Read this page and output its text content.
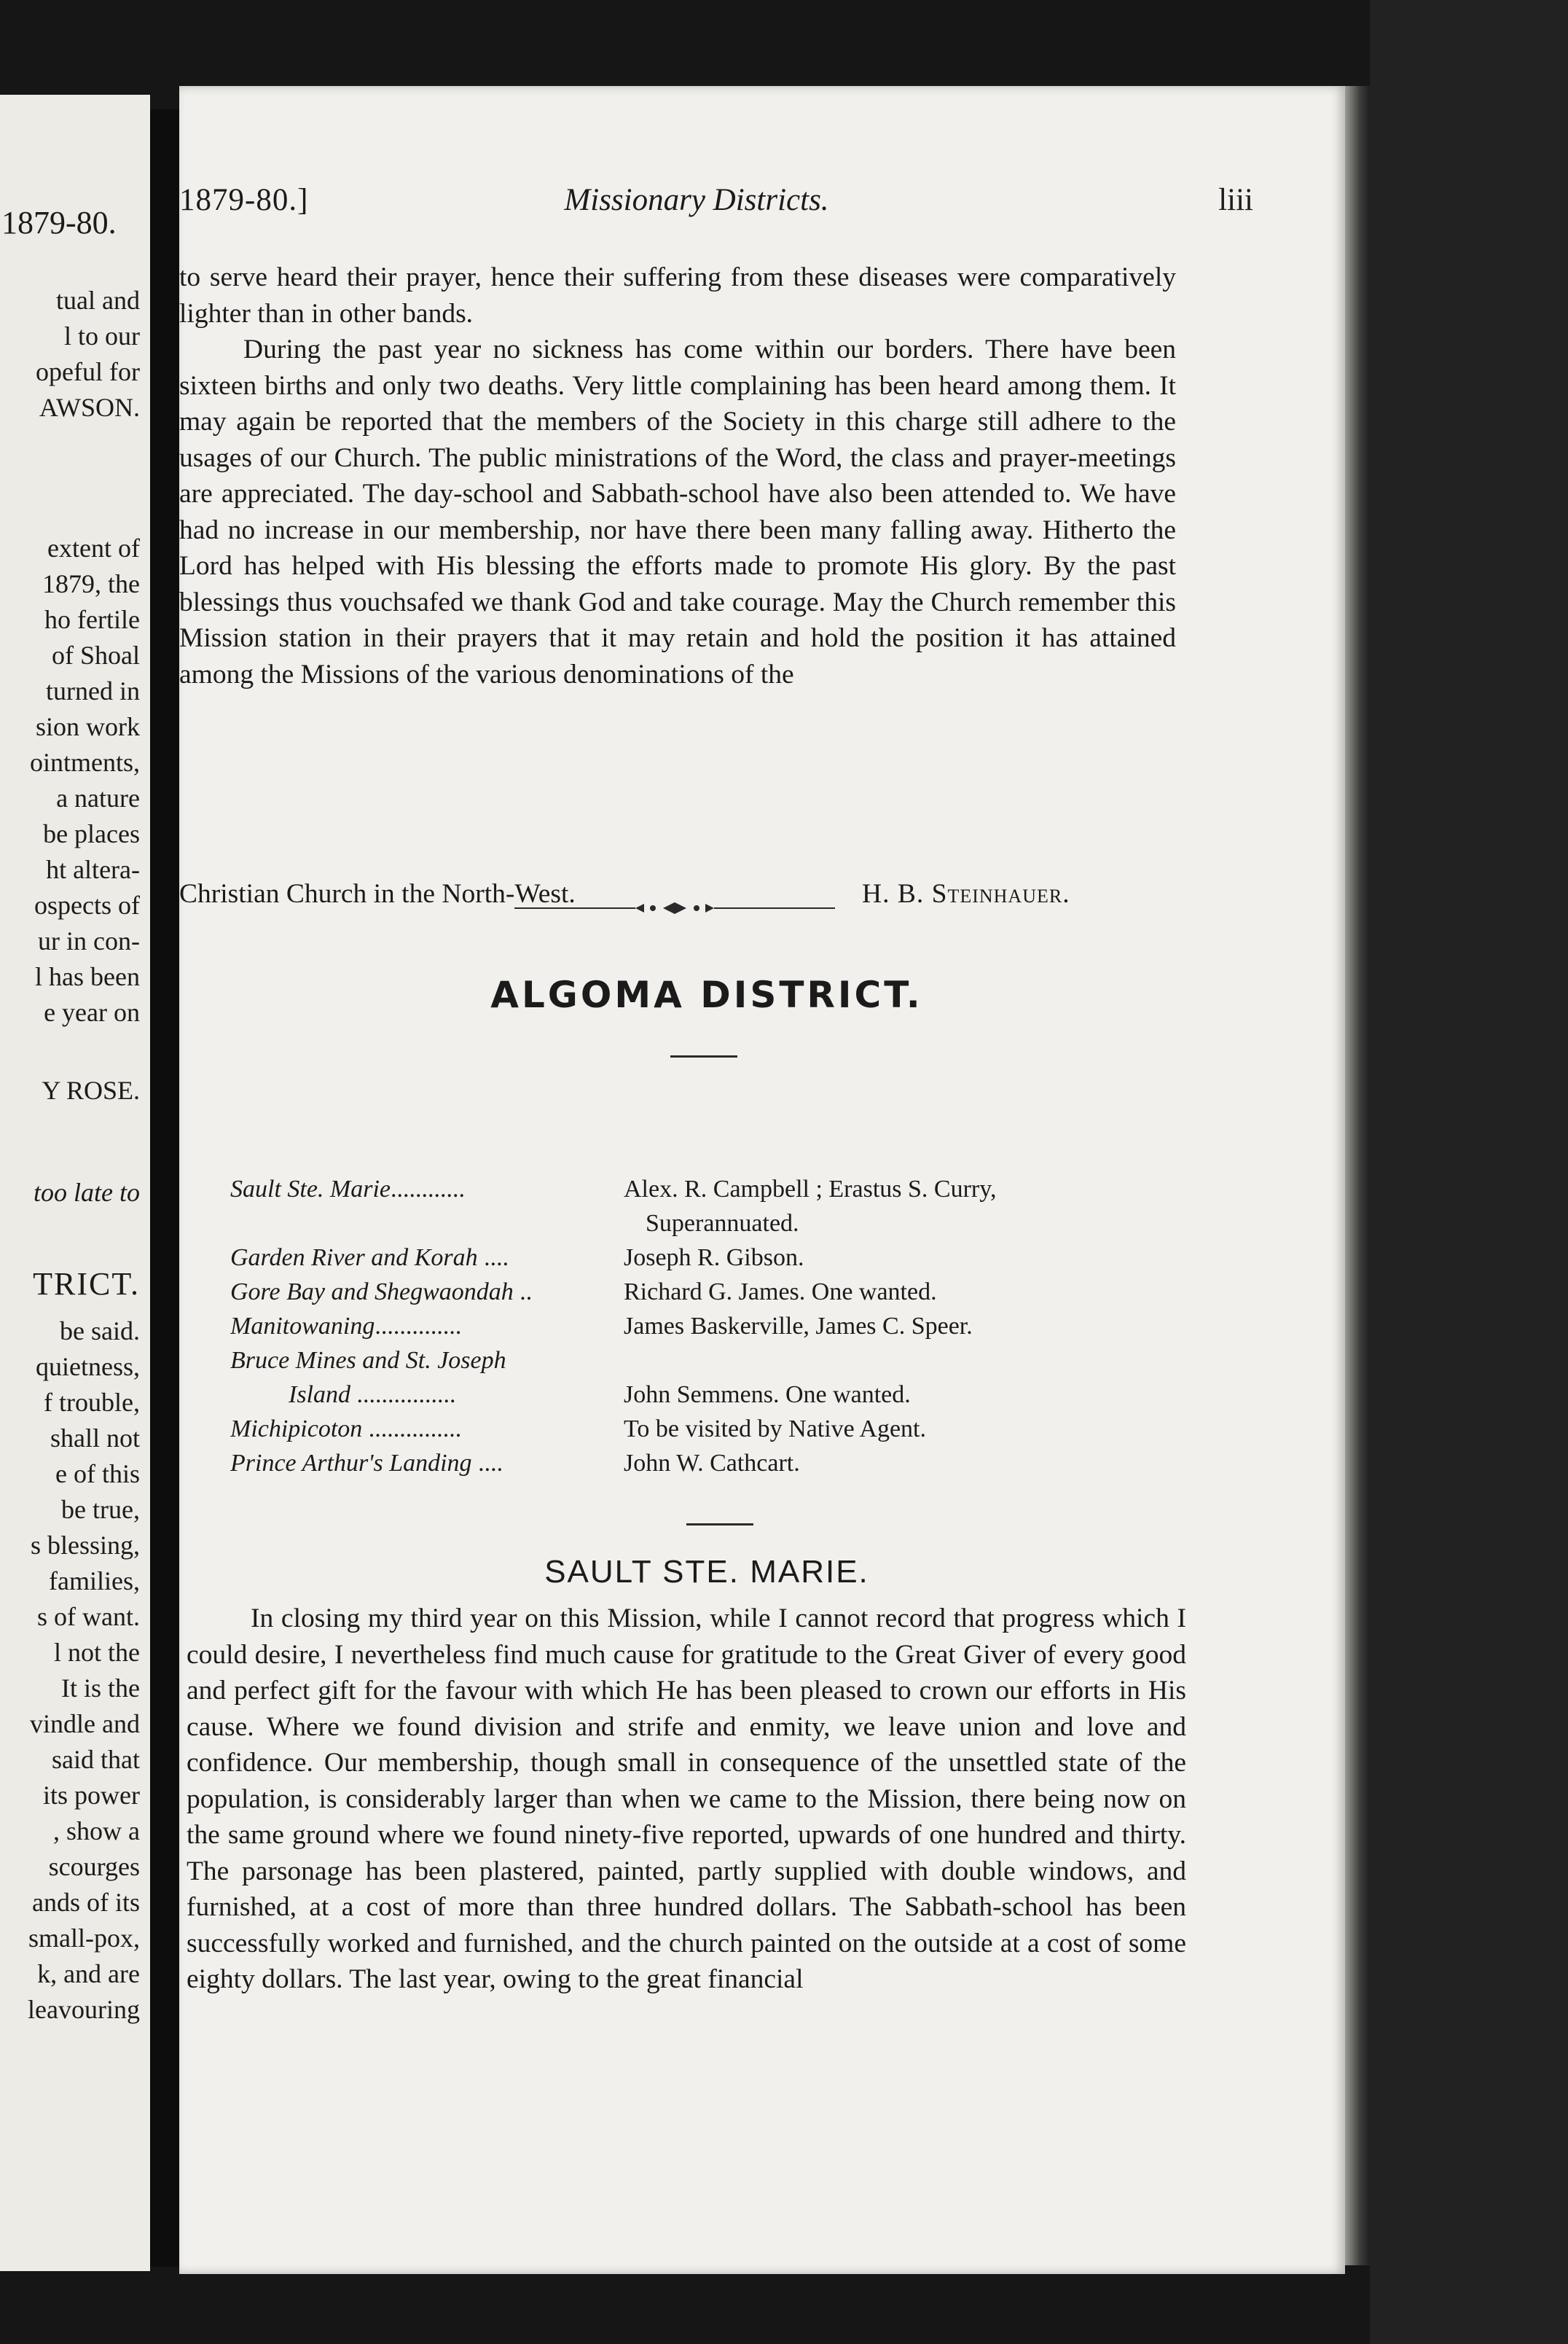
1879-80.
tual and
l to our
opeful for
AWSON.
extent of
1879, the
ho fertile
of Shoal
turned in
sion work
ointments,
a nature
be places
ht altera-
ospects of
ur in con-
l has been
e year on
Y ROSE.
too late to
TRICT.
be said.
quietness,
f trouble,
shall not
e of this
be true,
s blessing,
families,
s of want.
l not the
It is the
vindle and
said that
its power
, show a
scourges
ands of its
small-pox,
k, and are
leavouring
1879-80.]	Missionary Districts.	liii

to serve heard their prayer, hence their suffering from these diseases were comparatively lighter than in other bands.

During the past year no sickness has come within our borders. There have been sixteen births and only two deaths. Very little complaining has been heard among them. It may again be reported that the members of the Society in this charge still adhere to the usages of our Church. The public ministrations of the Word, the class and prayer-meetings are appreciated. The day-school and Sabbath-school have also been attended to. We have had no increase in our membership, nor have there been many falling away. Hitherto the Lord has helped with His blessing the efforts made to promote His glory. By the past blessings thus vouchsafed we thank God and take courage. May the Church remember this Mission station in their prayers that it may retain and hold the position it has attained among the Missions of the various denominations of the

Christian Church in the North-West.	H. B. Steinhauer.
ALGOMA DISTRICT.
Sault Ste. Marie............	Alex. R. Campbell ; Erastus S. Curry,
Superannuated.
Garden River and Korah ....	Joseph R. Gibson.
Gore Bay and Shegwaondah ..	Richard G. James. One wanted.
Manitowaning..............	James Baskerville, James C. Speer.
Bruce Mines and St. Joseph
Island ................	John Semmens. One wanted.
Michipicoton ...............	To be visited by Native Agent.
Prince Arthur's Landing ....	John W. Cathcart.
SAULT STE. MARIE.

In closing my third year on this Mission, while I cannot record that progress which I could desire, I nevertheless find much cause for gratitude to the Great Giver of every good and perfect gift for the favour with which He has been pleased to crown our efforts in His cause. Where we found division and strife and enmity, we leave union and love and confidence. Our membership, though small in consequence of the unsettled state of the population, is considerably larger than when we came to the Mission, there being now on the same ground where we found ninety-five reported, upwards of one hundred and thirty. The parsonage has been plastered, painted, partly supplied with double windows, and furnished, at a cost of more than three hundred dollars. The Sabbath-school has been successfully worked and furnished, and the church painted on the outside at a cost of some eighty dollars. The last year, owing to the great financial
